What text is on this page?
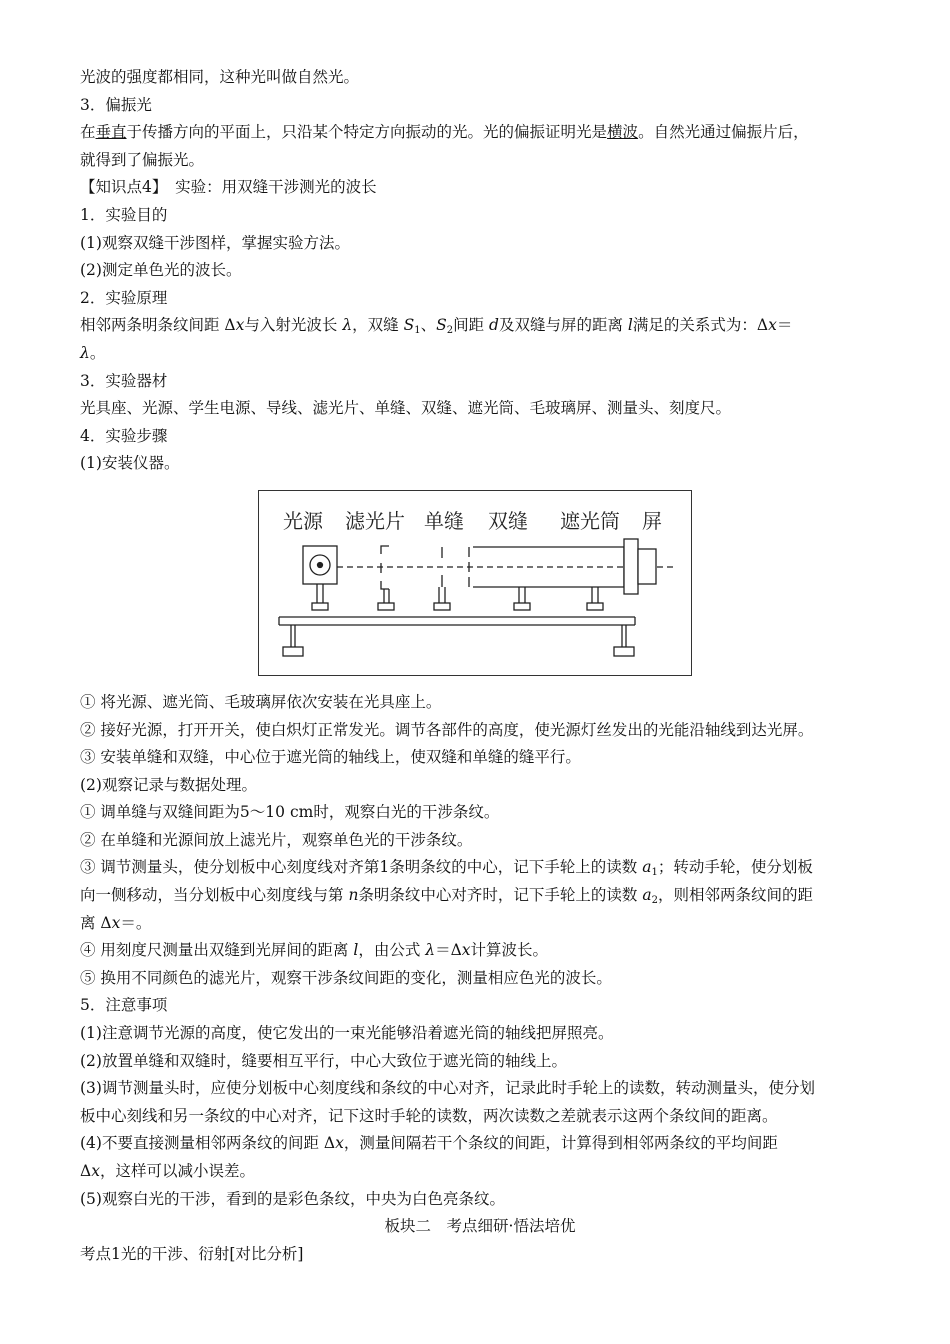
光波的强度都相同，这种光叫做自然光。
3．偏振光
在垂直于传播方向的平面上，只沿某个特定方向振动的光。光的偏振证明光是横波。自然光通过偏振片后，
就得到了偏振光。
【知识点4】　实验：用双缝干涉测光的波长
1．实验目的
(1)观察双缝干涉图样，掌握实验方法。
(2)测定单色光的波长。
2．实验原理
相邻两条明条纹间距 Δx与入射光波长 λ，双缝 $S_1$、$S_2$间距 d及双缝与屏的距离 l满足的关系式为：Δx＝
λ。
3．实验器材
光具座、光源、学生电源、导线、滤光片、单缝、双缝、遮光筒、毛玻璃屏、测量头、刻度尺。
4．实验步骤
(1)安装仪器。
① 将光源、遮光筒、毛玻璃屏依次安装在光具座上。
② 接好光源，打开开关，使白炽灯正常发光。调节各部件的高度，使光源灯丝发出的光能沿轴线到达光屏。
③ 安装单缝和双缝，中心位于遮光筒的轴线上，使双缝和单缝的缝平行。
(2)观察记录与数据处理。
① 调单缝与双缝间距为5～10 cm时，观察白光的干涉条纹。
② 在单缝和光源间放上滤光片，观察单色光的干涉条纹。
③ 调节测量头，使分划板中心刻度线对齐第1条明条纹的中心，记下手轮上的读数 $a_1$；转动手轮，使分划板
向一侧移动，当分划板中心刻度线与第 n条明条纹中心对齐时，记下手轮上的读数 $a_2$，则相邻两条纹间的距
离 Δx＝。
④ 用刻度尺测量出双缝到光屏间的距离 l，由公式 λ＝Δx计算波长。
⑤ 换用不同颜色的滤光片，观察干涉条纹间距的变化，测量相应色光的波长。
5．注意事项
(1)注意调节光源的高度，使它发出的一束光能够沿着遮光筒的轴线把屏照亮。
(2)放置单缝和双缝时，缝要相互平行，中心大致位于遮光筒的轴线上。
(3)调节测量头时，应使分划板中心刻度线和条纹的中心对齐，记录此时手轮上的读数，转动测量头，使分划
板中心刻线和另一条纹的中心对齐，记下这时手轮的读数，两次读数之差就表示这两个条纹间的距离。
(4)不要直接测量相邻两条纹的间距 Δx，测量间隔若干个条纹的间距，计算得到相邻两条纹的平均间距
Δx，这样可以减小误差。
(5)观察白光的干涉，看到的是彩色条纹，中央为白色亮条纹。
板块二　考点细研·悟法培优
考点1光的干涉、衍射[对比分析]
光源 滤光片 单缝 双缝 遮光筒 屏
